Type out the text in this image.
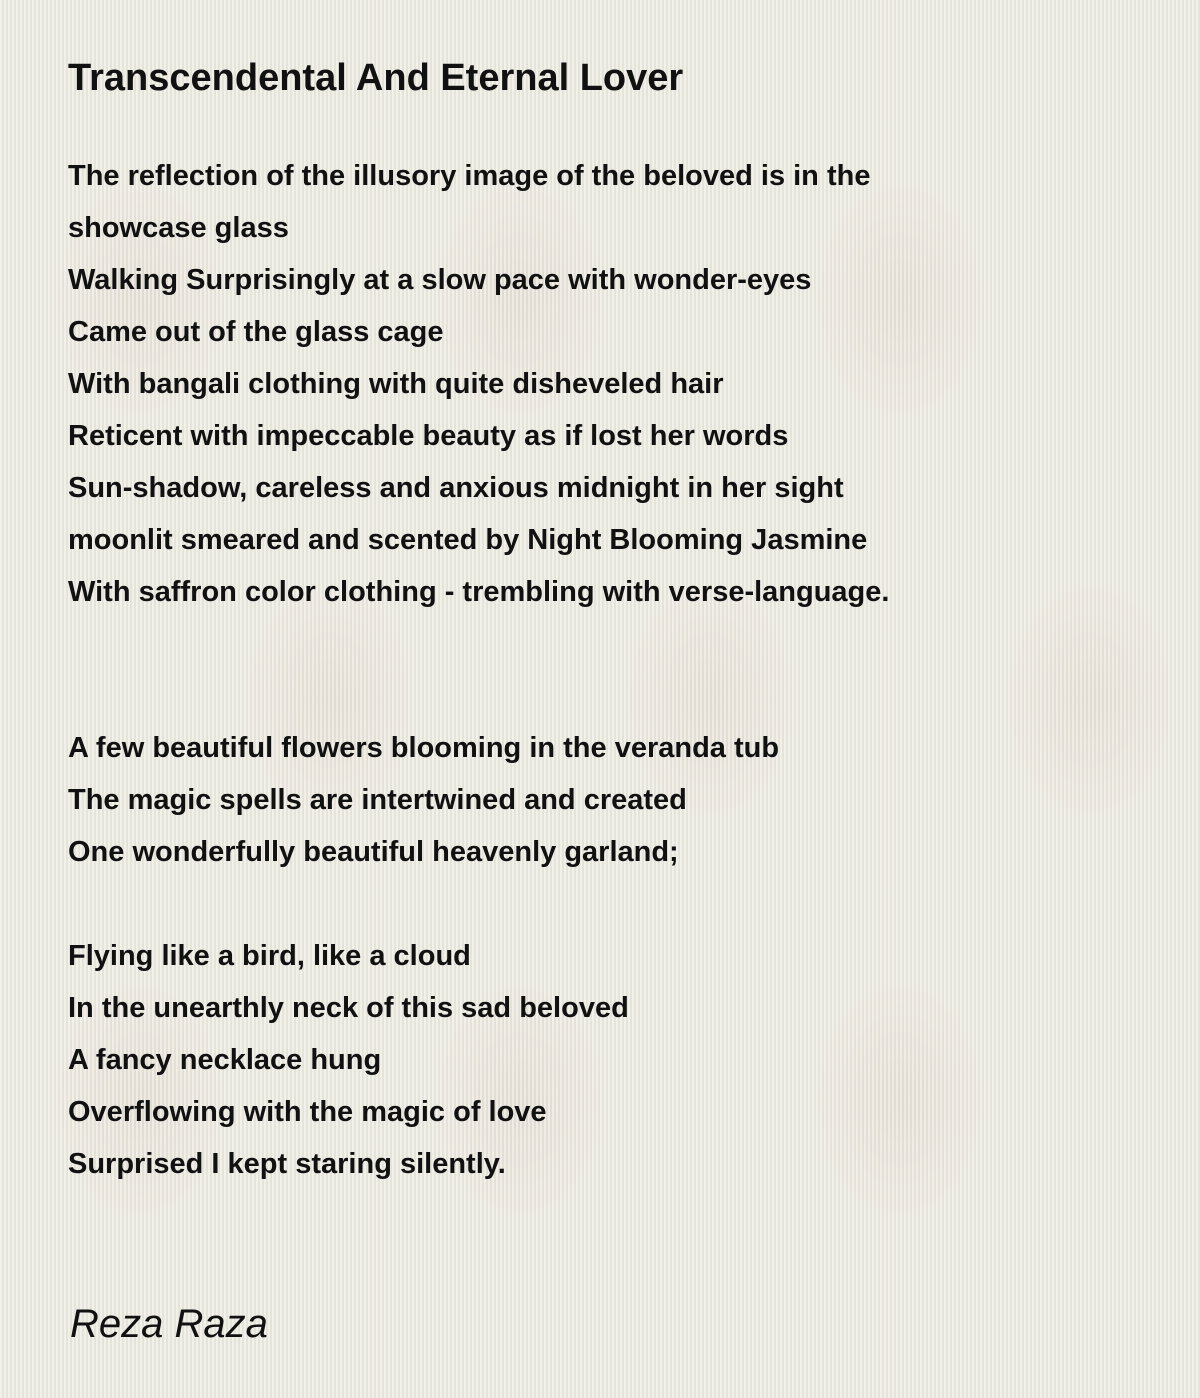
Transcendental And Eternal Lover
The reflection of the illusory image of the beloved is in the
showcase glass
Walking Surprisingly at a slow pace with wonder-eyes
Came out of the glass cage
With bangali clothing with quite disheveled hair
Reticent with impeccable beauty as if lost her words
Sun-shadow, careless and anxious midnight in her sight
moonlit smeared and scented by Night Blooming Jasmine
With saffron color clothing - trembling with verse-language.
A few beautiful flowers blooming in the veranda tub
The magic spells are intertwined and created
One wonderfully beautiful heavenly garland;
Flying like a bird, like a cloud
In the unearthly neck of this sad beloved
A fancy necklace hung
Overflowing with the magic of love
Surprised I kept staring silently.

Reza Raza
